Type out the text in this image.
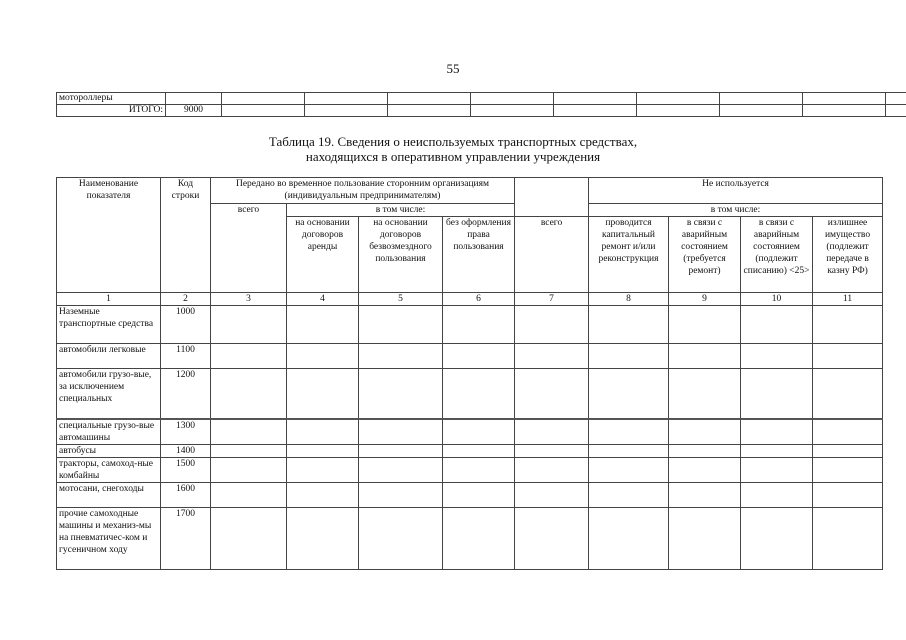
55
мотороллеры										
ИТОГО:	9000									
Таблица 19. Сведения о неиспользуемых транспортных средствах,
находящихся в оперативном управлении учреждения
Наименование показателя	Код строки	Передано во временное пользование сторонним организациям (индивидуальным предпринимателям)					Не используется			
		всего	в том числе:				в том числе:			
			на основании договоров аренды	на основании договоров безвозмездного пользования	без оформления права пользования	всего	проводится капитальный ремонт и/или реконструкция	в связи с аварийным состоянием (требуется ремонт)	в связи с аварийным состоянием (подлежит списанию) <25>	излишнее имущество (подлежит передаче в казну РФ)
1	2	3	4	5	6	7	8	9	10	11
Наземные транспортные средства	1000									
автомобили легковые	1100									
автомобили грузо-вые, за исключением специальных	1200									
специальные грузо-вые автомашины	1300									
автобусы	1400									
тракторы, самоход-ные комбайны	1500									
мотосани, снегоходы	1600									
прочие самоходные машины и механиз-мы на пневматичес-ком и гусеничном ходу	1700									
